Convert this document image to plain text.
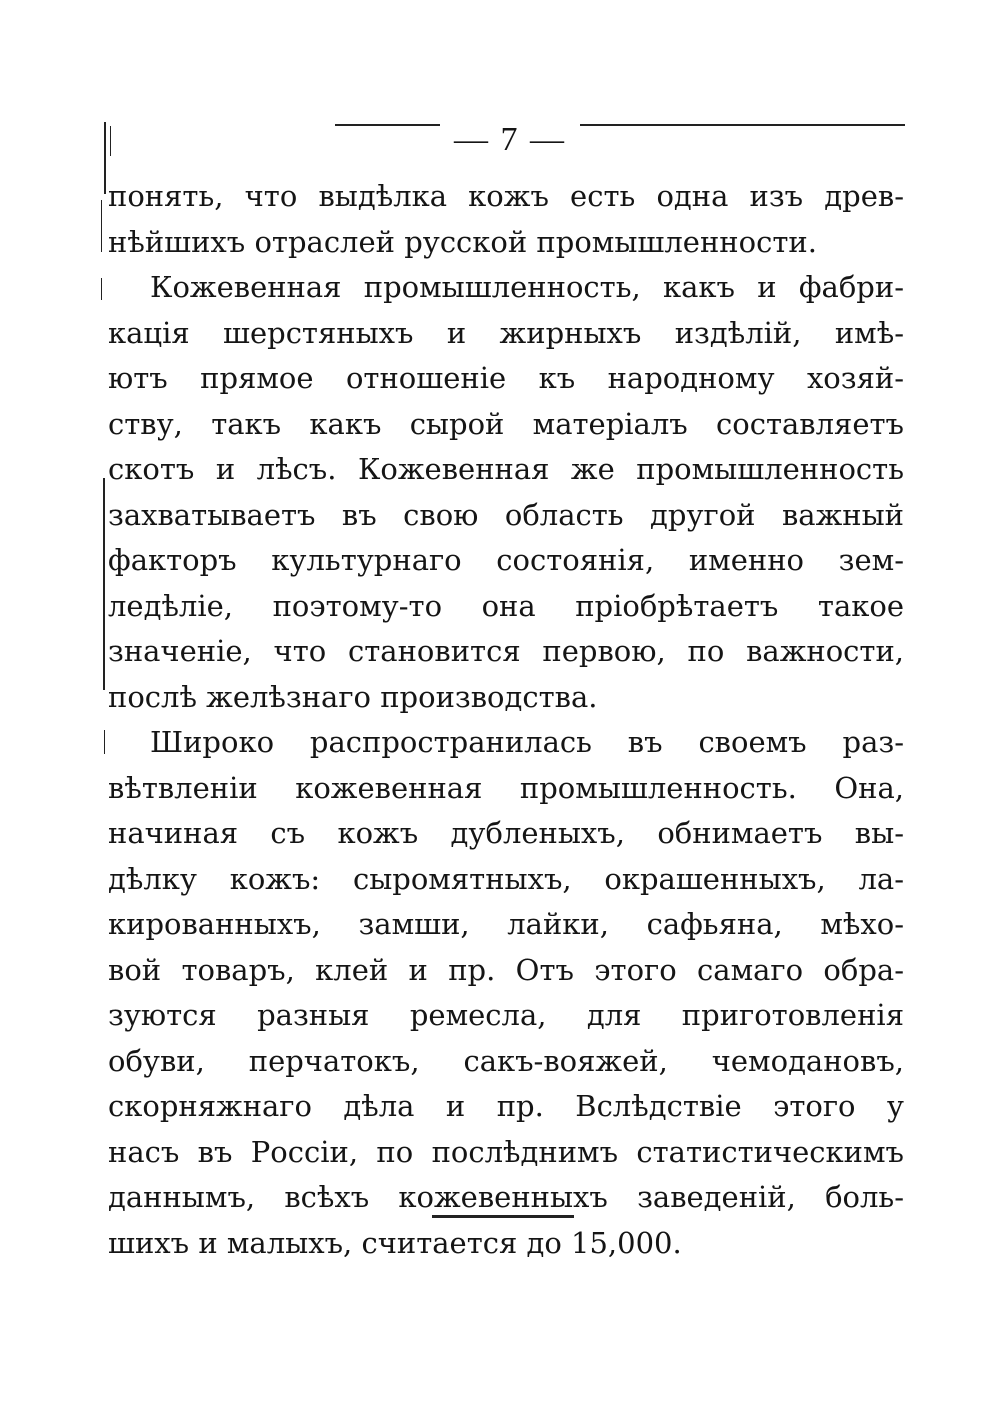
— 7 —
понять, что выдѣлка кожъ есть одна изъ древ-
нѣйшихъ отраслей русской промышленности.
Кожевенная промышленность, какъ и фабри-
кація шерстяныхъ и жирныхъ издѣлій, имѣ-
ютъ прямое отношеніе къ народному хозяй-
ству, такъ какъ сырой матеріалъ составляетъ
скотъ и лѣсъ. Кожевенная же промышленность
захватываетъ въ свою область другой важный
факторъ культурнаго состоянія, именно зем-
ледѣліе, поэтому-то она пріобрѣтаетъ такое
значеніе, что становится первою, по важности,
послѣ желѣзнаго производства.
Широко распространилась въ своемъ раз-
вѣтвленіи кожевенная промышленность. Она,
начиная съ кожъ дубленыхъ, обнимаетъ вы-
дѣлку кожъ: сыромятныхъ, окрашенныхъ, ла-
кированныхъ, замши, лайки, сафьяна, мѣхо-
вой товаръ, клей и пр. Отъ этого самаго обра-
зуются разныя ремесла, для приготовленія
обуви, перчатокъ, сакъ-вояжей, чемодановъ,
скорняжнаго дѣла и пр. Вслѣдствіе этого у
насъ въ Россіи, по послѣднимъ статистическимъ
даннымъ, всѣхъ кожевенныхъ заведеній, боль-
шихъ и малыхъ, считается до 15,000.
